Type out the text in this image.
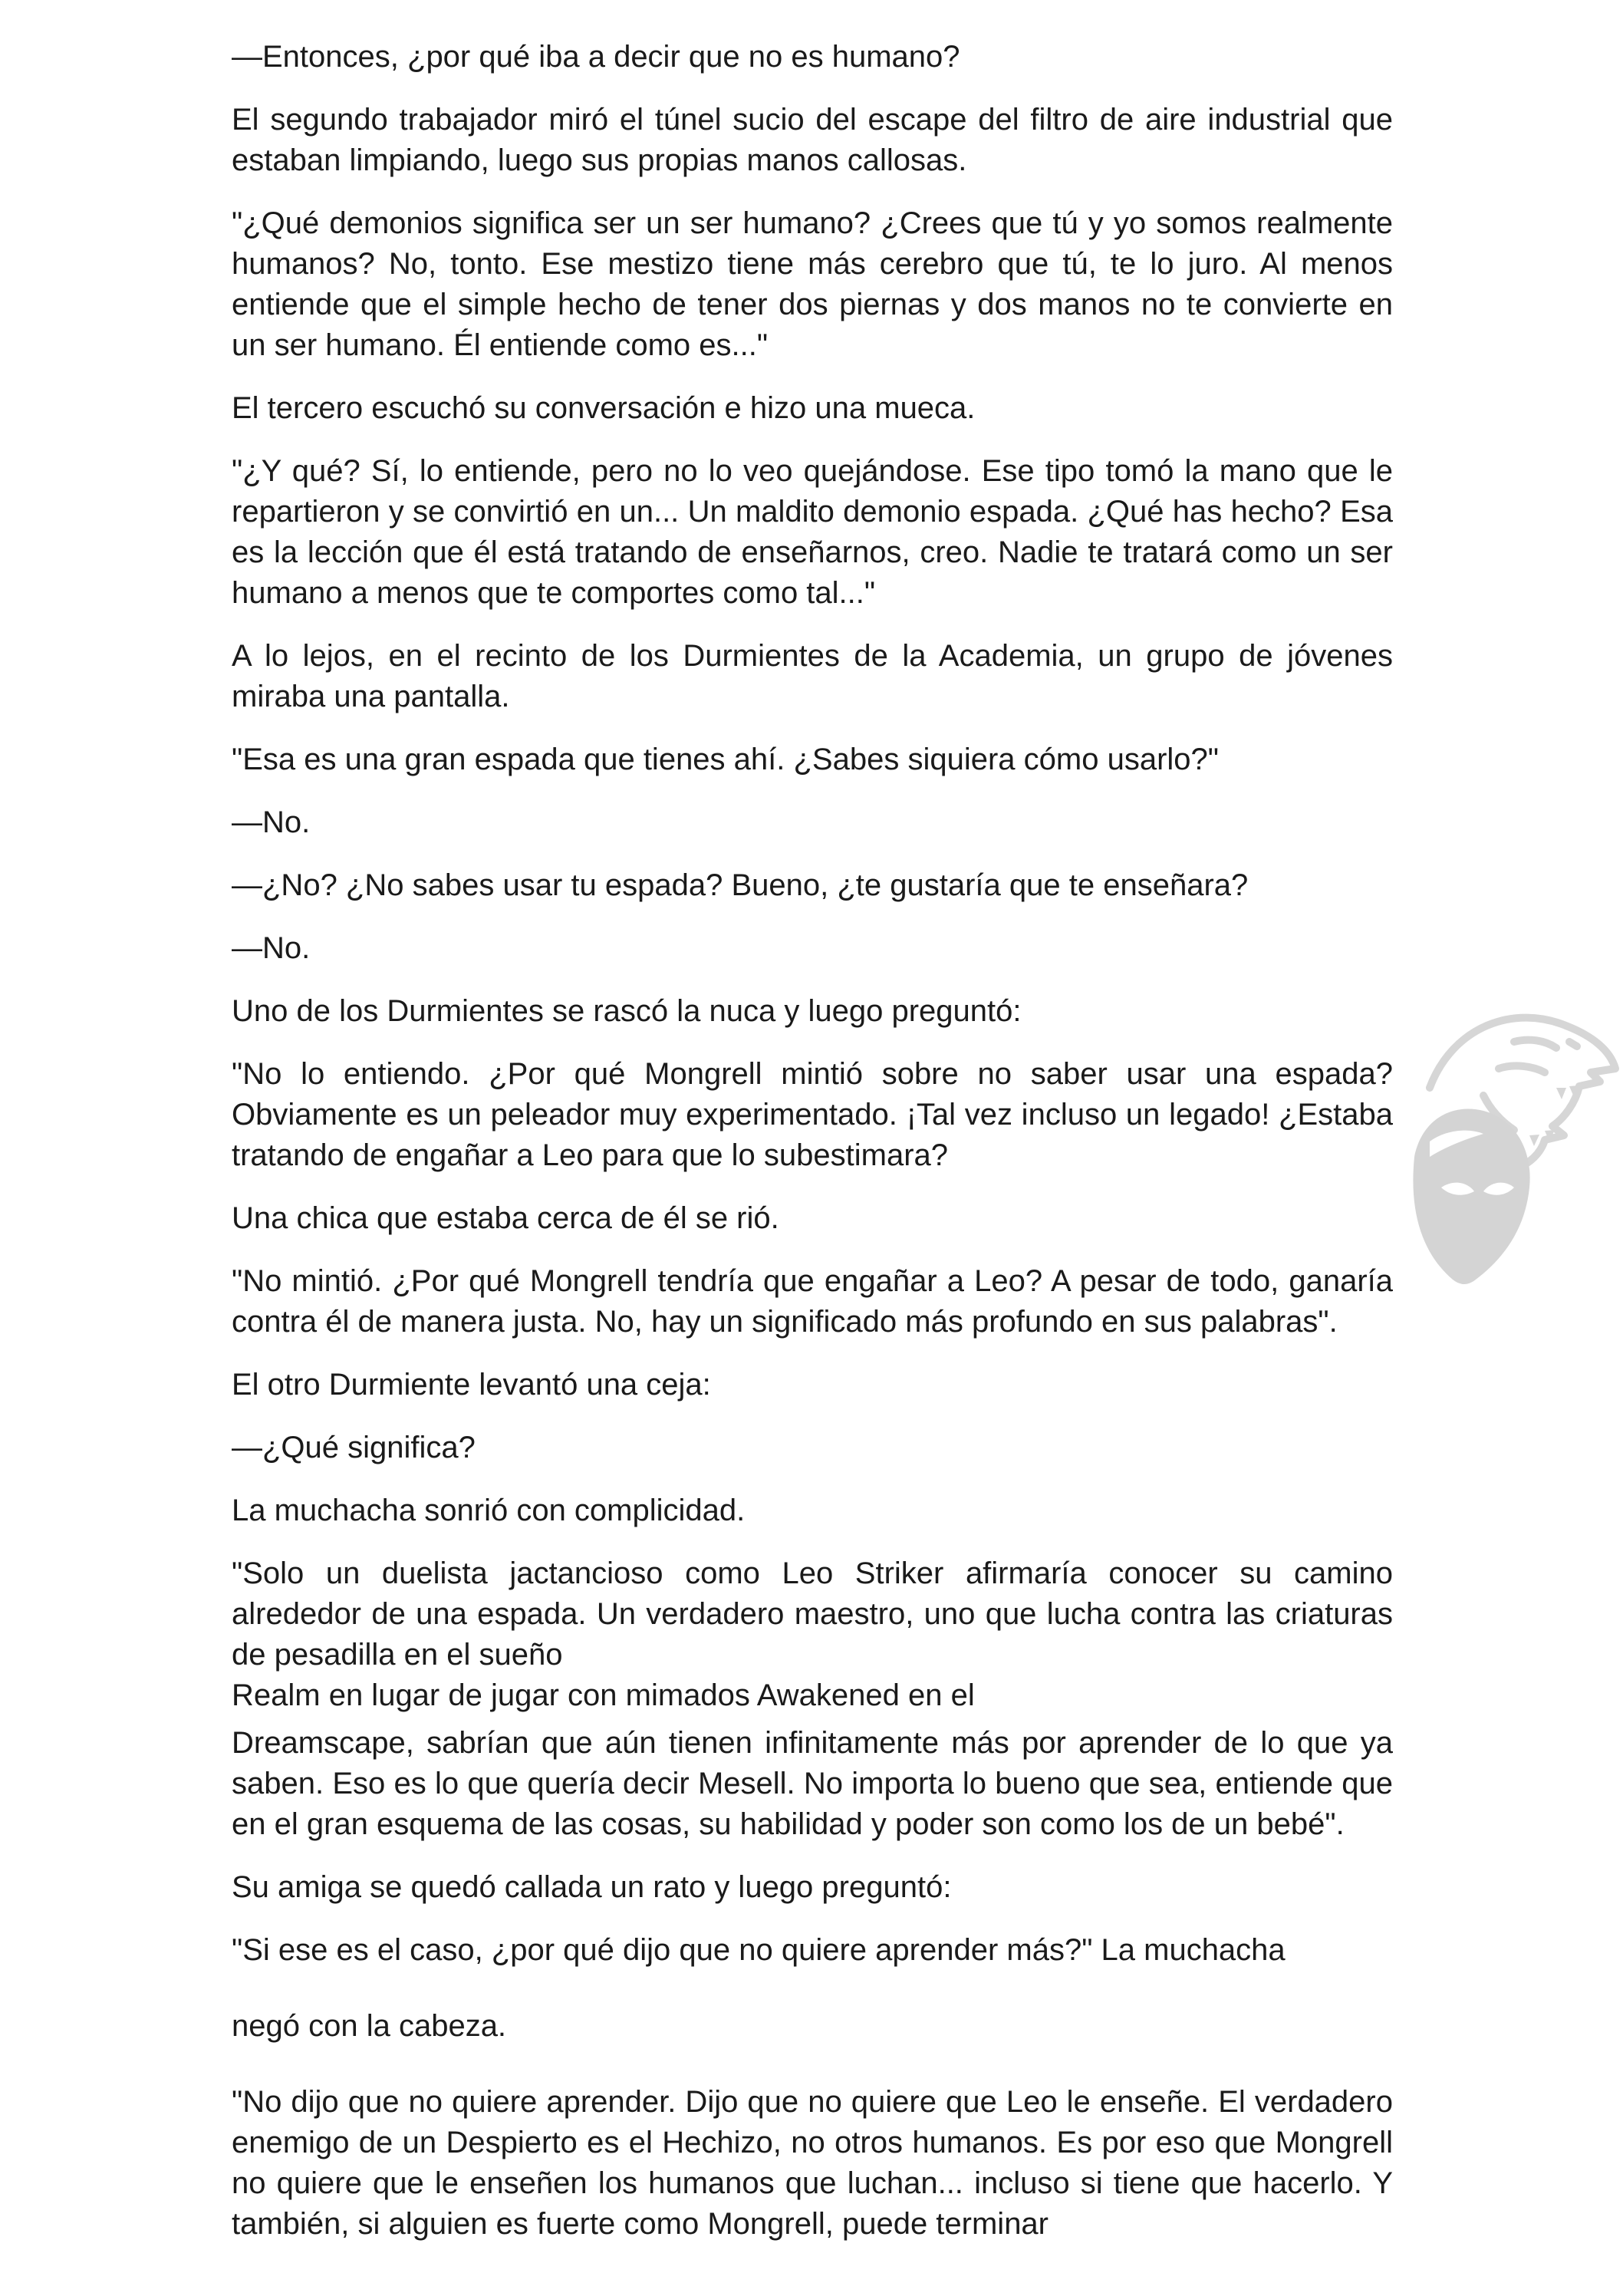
—Entonces, ¿por qué iba a decir que no es humano?

El segundo trabajador miró el túnel sucio del escape del filtro de aire industrial que estaban limpiando, luego sus propias manos callosas.

"¿Qué demonios significa ser un ser humano? ¿Crees que tú y yo somos realmente humanos? No, tonto. Ese mestizo tiene más cerebro que tú, te lo juro. Al menos entiende que el simple hecho de tener dos piernas y dos manos no te convierte en un ser humano. Él entiende como es..."

El tercero escuchó su conversación e hizo una mueca.

"¿Y qué? Sí, lo entiende, pero no lo veo quejándose. Ese tipo tomó la mano que le repartieron y se convirtió en un... Un maldito demonio espada. ¿Qué has hecho? Esa es la lección que él está tratando de enseñarnos, creo. Nadie te tratará como un ser humano a menos que te comportes como tal..."

A lo lejos, en el recinto de los Durmientes de la Academia, un grupo de jóvenes miraba una pantalla.

"Esa es una gran espada que tienes ahí. ¿Sabes siquiera cómo usarlo?"

—No.

—¿No? ¿No sabes usar tu espada? Bueno, ¿te gustaría que te enseñara?

—No.

Uno de los Durmientes se rascó la nuca y luego preguntó:

"No lo entiendo. ¿Por qué Mongrell mintió sobre no saber usar una espada? Obviamente es un peleador muy experimentado. ¡Tal vez incluso un legado! ¿Estaba tratando de engañar a Leo para que lo subestimara?

Una chica que estaba cerca de él se rió.

"No mintió. ¿Por qué Mongrell tendría que engañar a Leo? A pesar de todo, ganaría contra él de manera justa. No, hay un significado más profundo en sus palabras".

El otro Durmiente levantó una ceja:

—¿Qué significa?

La muchacha sonrió con complicidad.

"Solo un duelista jactancioso como Leo Striker afirmaría conocer su camino alrededor de una espada. Un verdadero maestro, uno que lucha contra las criaturas de pesadilla en el sueño

Realm en lugar de jugar con mimados Awakened en el

Dreamscape, sabrían que aún tienen infinitamente más por aprender de lo que ya saben. Eso es lo que quería decir Mesell. No importa lo bueno que sea, entiende que en el gran esquema de las cosas, su habilidad y poder son como los de un bebé".

Su amiga se quedó callada un rato y luego preguntó:

"Si ese es el caso, ¿por qué dijo que no quiere aprender más?" La muchacha

negó con la cabeza.

"No dijo que no quiere aprender. Dijo que no quiere que Leo le enseñe. El verdadero enemigo de un Despierto es el Hechizo, no otros humanos. Es por eso que Mongrell no quiere que le enseñen los humanos que luchan... incluso si tiene que hacerlo. Y también, si alguien es fuerte como Mongrell, puede terminar
